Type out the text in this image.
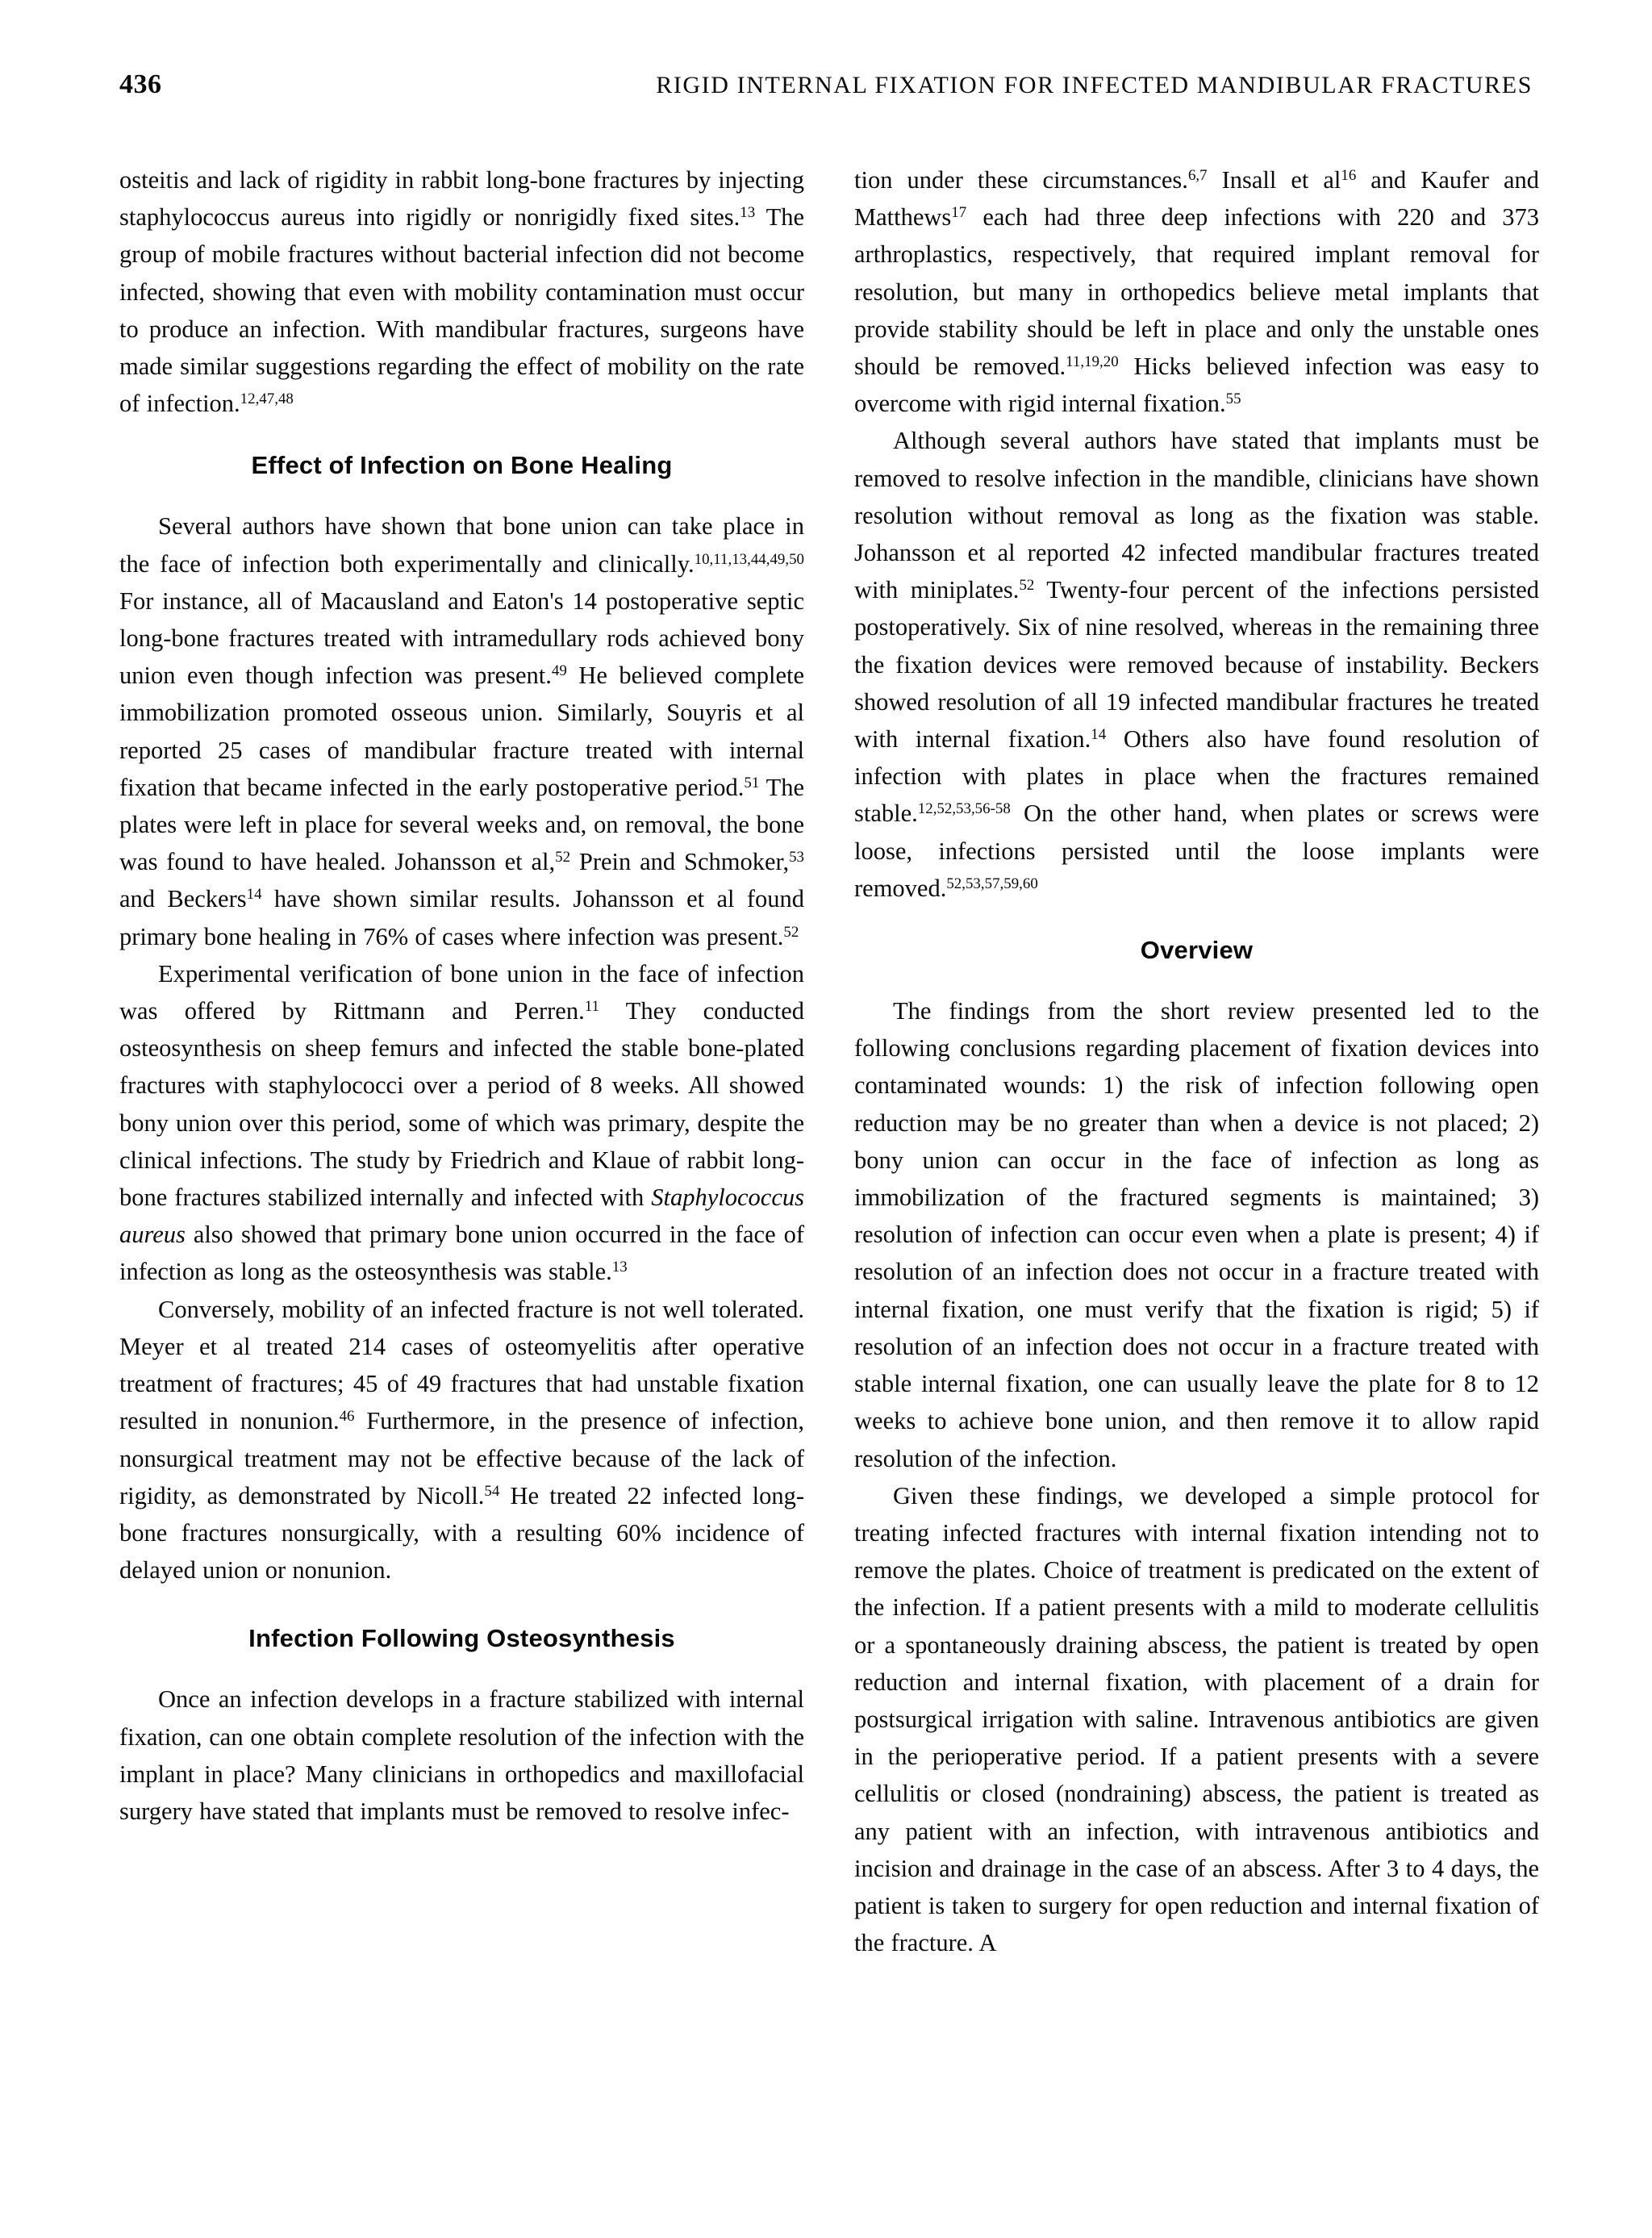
436	RIGID INTERNAL FIXATION FOR INFECTED MANDIBULAR FRACTURES

osteitis and lack of rigidity in rabbit long-bone fractures by injecting staphylococcus aureus into rigidly or nonrigidly fixed sites.$^{13}$ The group of mobile fractures without bacterial infection did not become infected, showing that even with mobility contamination must occur to produce an infection. With mandibular fractures, surgeons have made similar suggestions regarding the effect of mobility on the rate of infection.$^{12,47,48}$

Effect of Infection on Bone Healing

Several authors have shown that bone union can take place in the face of infection both experimentally and clinically.$^{10,11,13,44,49,50}$ For instance, all of Macausland and Eaton's 14 postoperative septic long-bone fractures treated with intramedullary rods achieved bony union even though infection was present.$^{49}$ He believed complete immobilization promoted osseous union. Similarly, Souyris et al reported 25 cases of mandibular fracture treated with internal fixation that became infected in the early postoperative period.$^{51}$ The plates were left in place for several weeks and, on removal, the bone was found to have healed. Johansson et al,$^{52}$ Prein and Schmoker,$^{53}$ and Beckers$^{14}$ have shown similar results. Johansson et al found primary bone healing in 76% of cases where infection was present.$^{52}$

Experimental verification of bone union in the face of infection was offered by Rittmann and Perren.$^{11}$ They conducted osteosynthesis on sheep femurs and infected the stable bone-plated fractures with staphylococci over a period of 8 weeks. All showed bony union over this period, some of which was primary, despite the clinical infections. The study by Friedrich and Klaue of rabbit long-bone fractures stabilized internally and infected with Staphylococcus aureus also showed that primary bone union occurred in the face of infection as long as the osteosynthesis was stable.$^{13}$

Conversely, mobility of an infected fracture is not well tolerated. Meyer et al treated 214 cases of osteomyelitis after operative treatment of fractures; 45 of 49 fractures that had unstable fixation resulted in nonunion.$^{46}$ Furthermore, in the presence of infection, nonsurgical treatment may not be effective because of the lack of rigidity, as demonstrated by Nicoll.$^{54}$ He treated 22 infected long-bone fractures nonsurgically, with a resulting 60% incidence of delayed union or nonunion.

Infection Following Osteosynthesis

Once an infection develops in a fracture stabilized with internal fixation, can one obtain complete resolution of the infection with the implant in place? Many clinicians in orthopedics and maxillofacial surgery have stated that implants must be removed to resolve infec-

tion under these circumstances.$^{6,7}$ Insall et $al^{16}$ and Kaufer and Matthews$^{17}$ each had three deep infections with 220 and 373 arthroplastics, respectively, that required implant removal for resolution, but many in orthopedics believe metal implants that provide stability should be left in place and only the unstable ones should be removed.$^{11,19,20}$ Hicks believed infection was easy to overcome with rigid internal fixation.$^{55}$

Although several authors have stated that implants must be removed to resolve infection in the mandible, clinicians have shown resolution without removal as long as the fixation was stable. Johansson et al reported 42 infected mandibular fractures treated with miniplates.$^{52}$ Twenty-four percent of the infections persisted postoperatively. Six of nine resolved, whereas in the remaining three the fixation devices were removed because of instability. Beckers showed resolution of all 19 infected mandibular fractures he treated with internal fixation.$^{14}$ Others also have found resolution of infection with plates in place when the fractures remained stable.$^{12,52,53,56-58}$ On the other hand, when plates or screws were loose, infections persisted until the loose implants were removed.$^{52,53,57,59,60}$

Overview

The findings from the short review presented led to the following conclusions regarding placement of fixation devices into contaminated wounds: 1) the risk of infection following open reduction may be no greater than when a device is not placed; 2) bony union can occur in the face of infection as long as immobilization of the fractured segments is maintained; 3) resolution of infection can occur even when a plate is present; 4) if resolution of an infection does not occur in a fracture treated with internal fixation, one must verify that the fixation is rigid; 5) if resolution of an infection does not occur in a fracture treated with stable internal fixation, one can usually leave the plate for 8 to 12 weeks to achieve bone union, and then remove it to allow rapid resolution of the infection.

Given these findings, we developed a simple protocol for treating infected fractures with internal fixation intending not to remove the plates. Choice of treatment is predicated on the extent of the infection. If a patient presents with a mild to moderate cellulitis or a spontaneously draining abscess, the patient is treated by open reduction and internal fixation, with placement of a drain for postsurgical irrigation with saline. Intravenous antibiotics are given in the perioperative period. If a patient presents with a severe cellulitis or closed (nondraining) abscess, the patient is treated as any patient with an infection, with intravenous antibiotics and incision and drainage in the case of an abscess. After 3 to 4 days, the patient is taken to surgery for open reduction and internal fixation of the fracture. A
